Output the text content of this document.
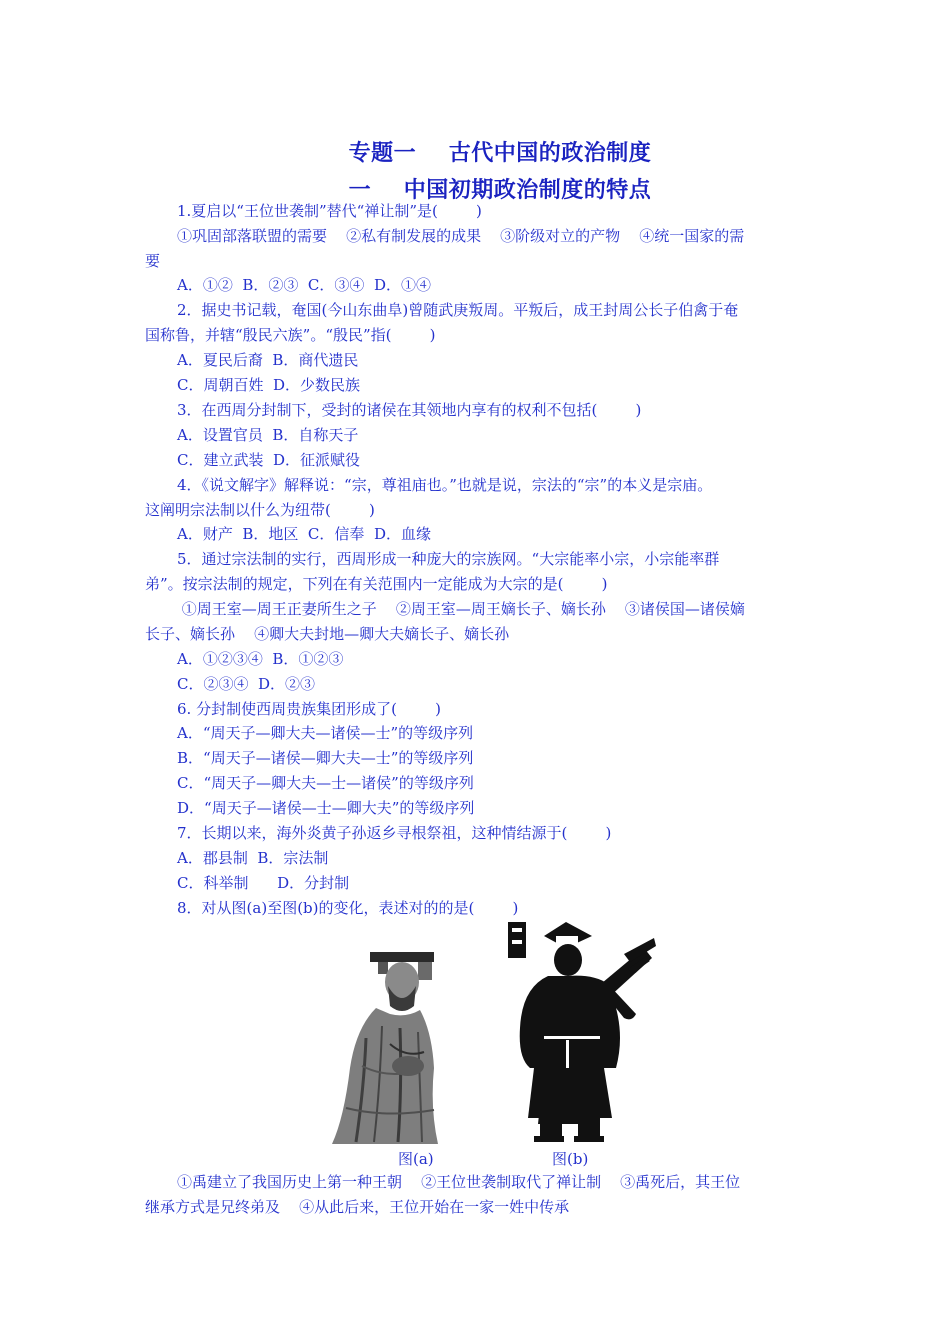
专题一    古代中国的政治制度
一    中国初期政治制度的特点
1.夏启以“王位世袭制”替代“禅让制”是(        )
①巩固部落联盟的需要    ②私有制发展的成果    ③阶级对立的产物    ④统一国家的需
要
A．①②  B．②③  C．③④  D．①④
2．据史书记载，奄国(今山东曲阜)曾随武庚叛周。平叛后，成王封周公长子伯禽于奄
国称鲁，并辖“殷民六族”。“殷民”指(        )
A．夏民后裔  B．商代遗民
C．周朝百姓  D．少数民族
3．在西周分封制下，受封的诸侯在其领地内享有的权利不包括(        )
A．设置官员  B．自称天子
C．建立武装  D．征派赋役
4．《说文解字》解释说：“宗，尊祖庙也。”也就是说，宗法的“宗”的本义是宗庙。
这阐明宗法制以什么为纽带(        )
A．财产  B．地区  C．信奉  D．血缘
5．通过宗法制的实行，西周形成一种庞大的宗族网。“大宗能率小宗，小宗能率群
弟”。按宗法制的规定，下列在有关范围内一定能成为大宗的是(        )
①周王室—周王正妻所生之子    ②周王室—周王嫡长子、嫡长孙    ③诸侯国—诸侯嫡
长子、嫡长孙    ④卿大夫封地—卿大夫嫡长子、嫡长孙
A．①②③④  B．①②③
C．②③④  D．②③
6. 分封制使西周贵族集团形成了(        )
A．“周天子—卿大夫—诸侯—士”的等级序列
B．“周天子—诸侯—卿大夫—士”的等级序列
C．“周天子—卿大夫—士—诸侯”的等级序列
D．“周天子—诸侯—士—卿大夫”的等级序列
7．长期以来，海外炎黄子孙返乡寻根祭祖，这种情结源于(        )
A．郡县制  B．宗法制
C．科举制      D．分封制
8．对从图(a)至图(b)的变化，表述对的的是(        )
图(a)	图(b)
①禹建立了我国历史上第一种王朝    ②王位世袭制取代了禅让制    ③禹死后，其王位
继承方式是兄终弟及    ④从此后来，王位开始在一家一姓中传承
